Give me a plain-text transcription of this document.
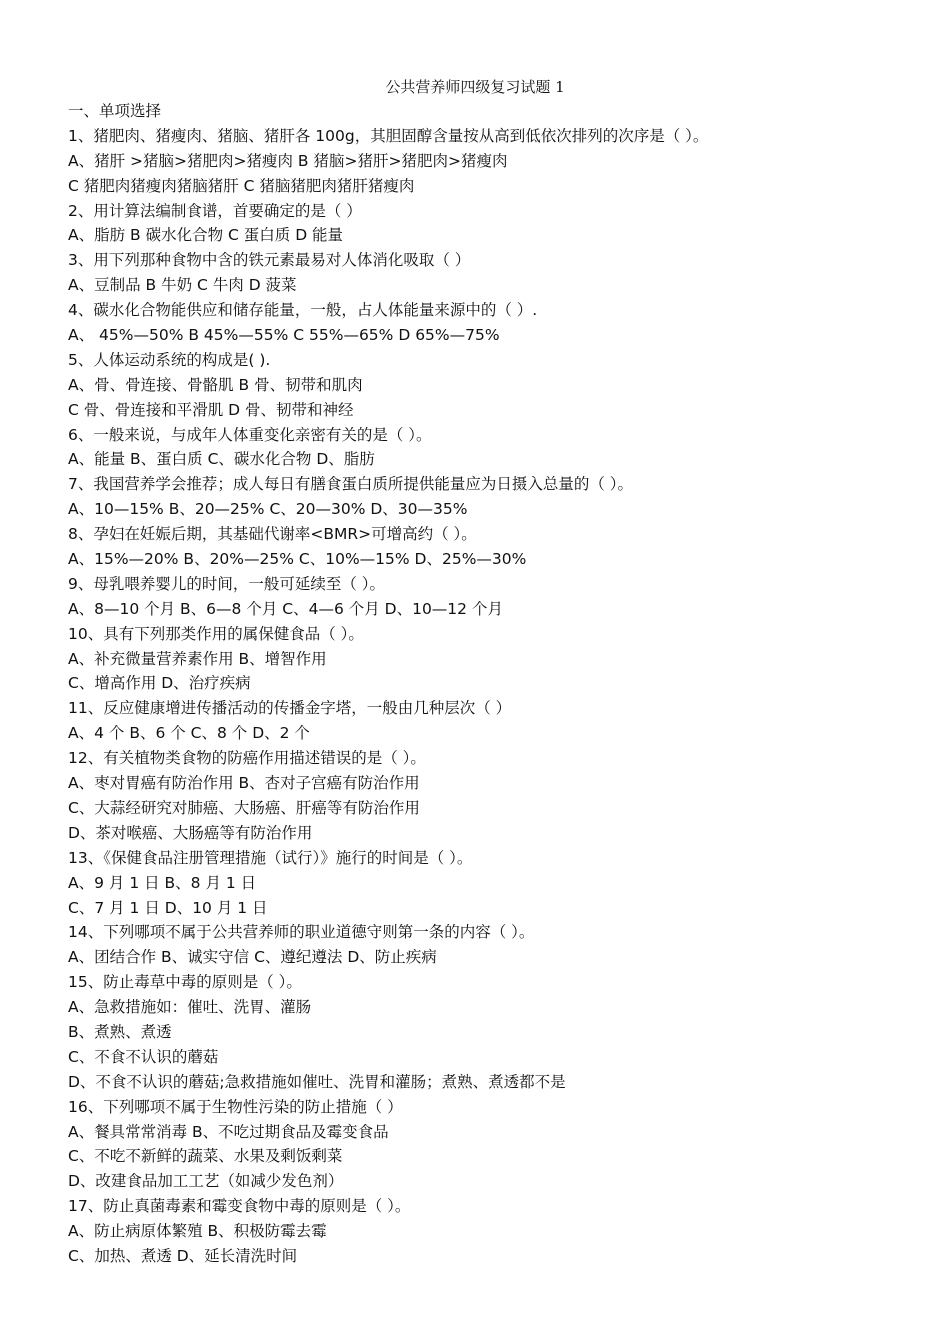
公共营养师四级复习试题 1
一、单项选择
1、猪肥肉、猪瘦肉、猪脑、猪肝各 100g，其胆固醇含量按从高到低依次排列的次序是（ ）。
A、猪肝 >猪脑>猪肥肉>猪瘦肉 B 猪脑>猪肝>猪肥肉>猪瘦肉
C 猪肥肉猪瘦肉猪脑猪肝 C 猪脑猪肥肉猪肝猪瘦肉
2、用计算法编制食谱，首要确定的是（ ）
A、脂肪 B 碳水化合物 C 蛋白质 D 能量
3、用下列那种食物中含的铁元素最易对人体消化吸取（ ）
A、豆制品 B 牛奶 C 牛肉 D 菠菜
4、碳水化合物能供应和储存能量，一般，占人体能量来源中的（ ）.
A、 45%—50% B 45%—55% C 55%—65% D 65%—75%
5、人体运动系统的构成是( ).
A、骨、骨连接、骨骼肌 B 骨、韧带和肌肉
C 骨、骨连接和平滑肌 D 骨、韧带和神经
6、一般来说，与成年人体重变化亲密有关的是（ ）。
A、能量 B、蛋白质 C、碳水化合物 D、脂肪
7、我国营养学会推荐；成人每日有膳食蛋白质所提供能量应为日摄入总量的（ ）。
A、10—15% B、20—25% C、20—30% D、30—35%
8、孕妇在妊娠后期，其基础代谢率<BMR>可增高约（ ）。
A、15%—20% B、20%—25% C、10%—15% D、25%—30%
9、母乳喂养婴儿的时间，一般可延续至（ ）。
A、8—10 个月 B、6—8 个月 C、4—6 个月 D、10—12 个月
10、具有下列那类作用的属保健食品（ ）。
A、补充微量营养素作用 B、增智作用
C、增高作用 D、治疗疾病
11、反应健康增进传播活动的传播金字塔，一般由几种层次（ ）
A、4 个 B、6 个 C、8 个 D、2 个
12、有关植物类食物的防癌作用描述错误的是（ ）。
A、枣对胃癌有防治作用 B、杏对子宫癌有防治作用
C、大蒜经研究对肺癌、大肠癌、肝癌等有防治作用
D、茶对喉癌、大肠癌等有防治作用
13、《保健食品注册管理措施（试行）》施行的时间是（ ）。
A、9 月 1 日 B、8 月 1 日
C、7 月 1 日 D、10 月 1 日
14、下列哪项不属于公共营养师的职业道德守则第一条的内容（ ）。
A、团结合作 B、诚实守信 C、遵纪遵法 D、防止疾病
15、防止毒草中毒的原则是（ ）。
A、急救措施如：催吐、洗胃、灌肠
B、煮熟、煮透
C、不食不认识的蘑菇
D、不食不认识的蘑菇;急救措施如催吐、洗胃和灌肠；煮熟、煮透都不是
16、下列哪项不属于生物性污染的防止措施（ ）
A、餐具常常消毒 B、不吃过期食品及霉变食品
C、不吃不新鲜的蔬菜、水果及剩饭剩菜
D、改建食品加工工艺（如减少发色剂）
17、防止真菌毒素和霉变食物中毒的原则是（ ）。
A、防止病原体繁殖 B、积极防霉去霉
C、加热、煮透 D、延长清洗时间
